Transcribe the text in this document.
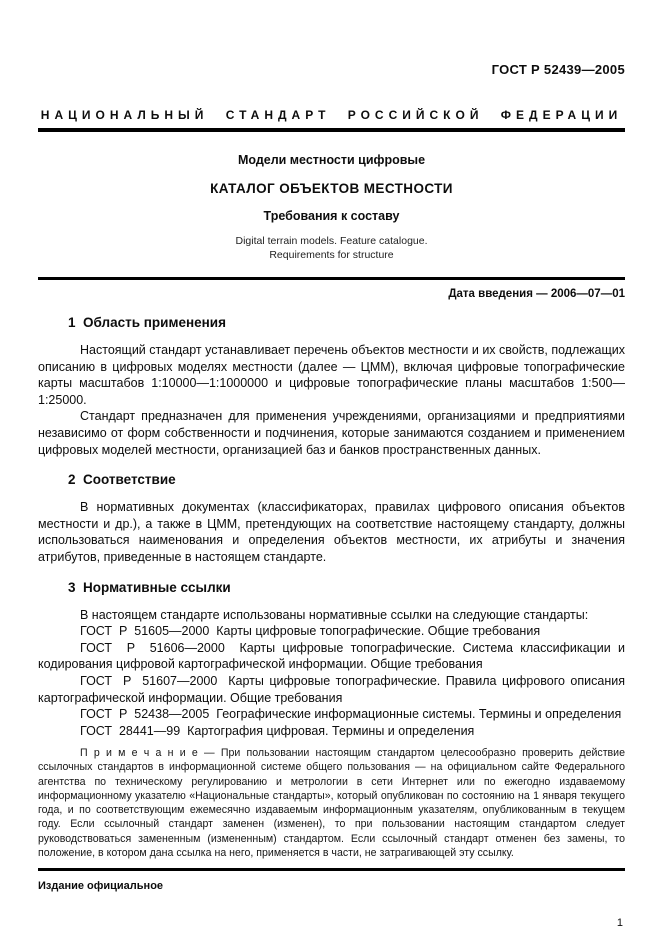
ГОСТ Р 52439—2005
НАЦИОНАЛЬНЫЙ СТАНДАРТ РОССИЙСКОЙ ФЕДЕРАЦИИ
Модели местности цифровые
КАТАЛОГ ОБЪЕКТОВ МЕСТНОСТИ
Требования к составу
Digital terrain models. Feature catalogue.
Requirements for structure
Дата введения — 2006—07—01
1  Область применения

Настоящий стандарт устанавливает перечень объектов местности и их свойств, подлежащих описанию в цифровых моделях местности (далее — ЦММ), включая цифровые топографические карты масштабов 1:10000—1:1000000 и цифровые топографические планы масштабов 1:500—1:25000.

Стандарт предназначен для применения учреждениями, организациями и предприятиями независимо от форм собственности и подчинения, которые занимаются созданием и применением цифровых моделей местности, организацией баз и банков пространственных данных.

2  Соответствие

В нормативных документах (классификаторах, правилах цифрового описания объектов местности и др.), а также в ЦММ, претендующих на соответствие настоящему стандарту, должны использоваться наименования и определения объектов местности, их атрибуты и значения атрибутов, приведенные в настоящем стандарте.

3  Нормативные ссылки

В настоящем стандарте использованы нормативные ссылки на следующие стандарты:

ГОСТ  Р  51605—2000  Карты цифровые топографические. Общие требования

ГОСТ  Р  51606—2000  Карты цифровые топографические. Система классификации и кодирования цифровой картографической информации. Общие требования

ГОСТ  Р  51607—2000  Карты цифровые топографические. Правила цифрового описания картографической информации. Общие требования

ГОСТ  Р  52438—2005  Географические информационные системы. Термины и определения

ГОСТ  28441—99  Картография цифровая. Термины и определения

П р и м е ч а н и е — При пользовании настоящим стандартом целесообразно проверить действие ссылочных стандартов в информационной системе общего пользования — на официальном сайте Федерального агентства по техническому регулированию и метрологии в сети Интернет или по ежегодно издаваемому информационному указателю «Национальные стандарты», который опубликован по состоянию на 1 января текущего года, и по соответствующим ежемесячно издаваемым информационным указателям, опубликованным в текущем году. Если ссылочный стандарт заменен (изменен), то при пользовании настоящим стандартом следует руководствоваться замененным (измененным) стандартом. Если ссылочный стандарт отменен без замены, то положение, в котором дана ссылка на него, применяется в части, не затрагивающей эту ссылку.

Издание официальное
1
